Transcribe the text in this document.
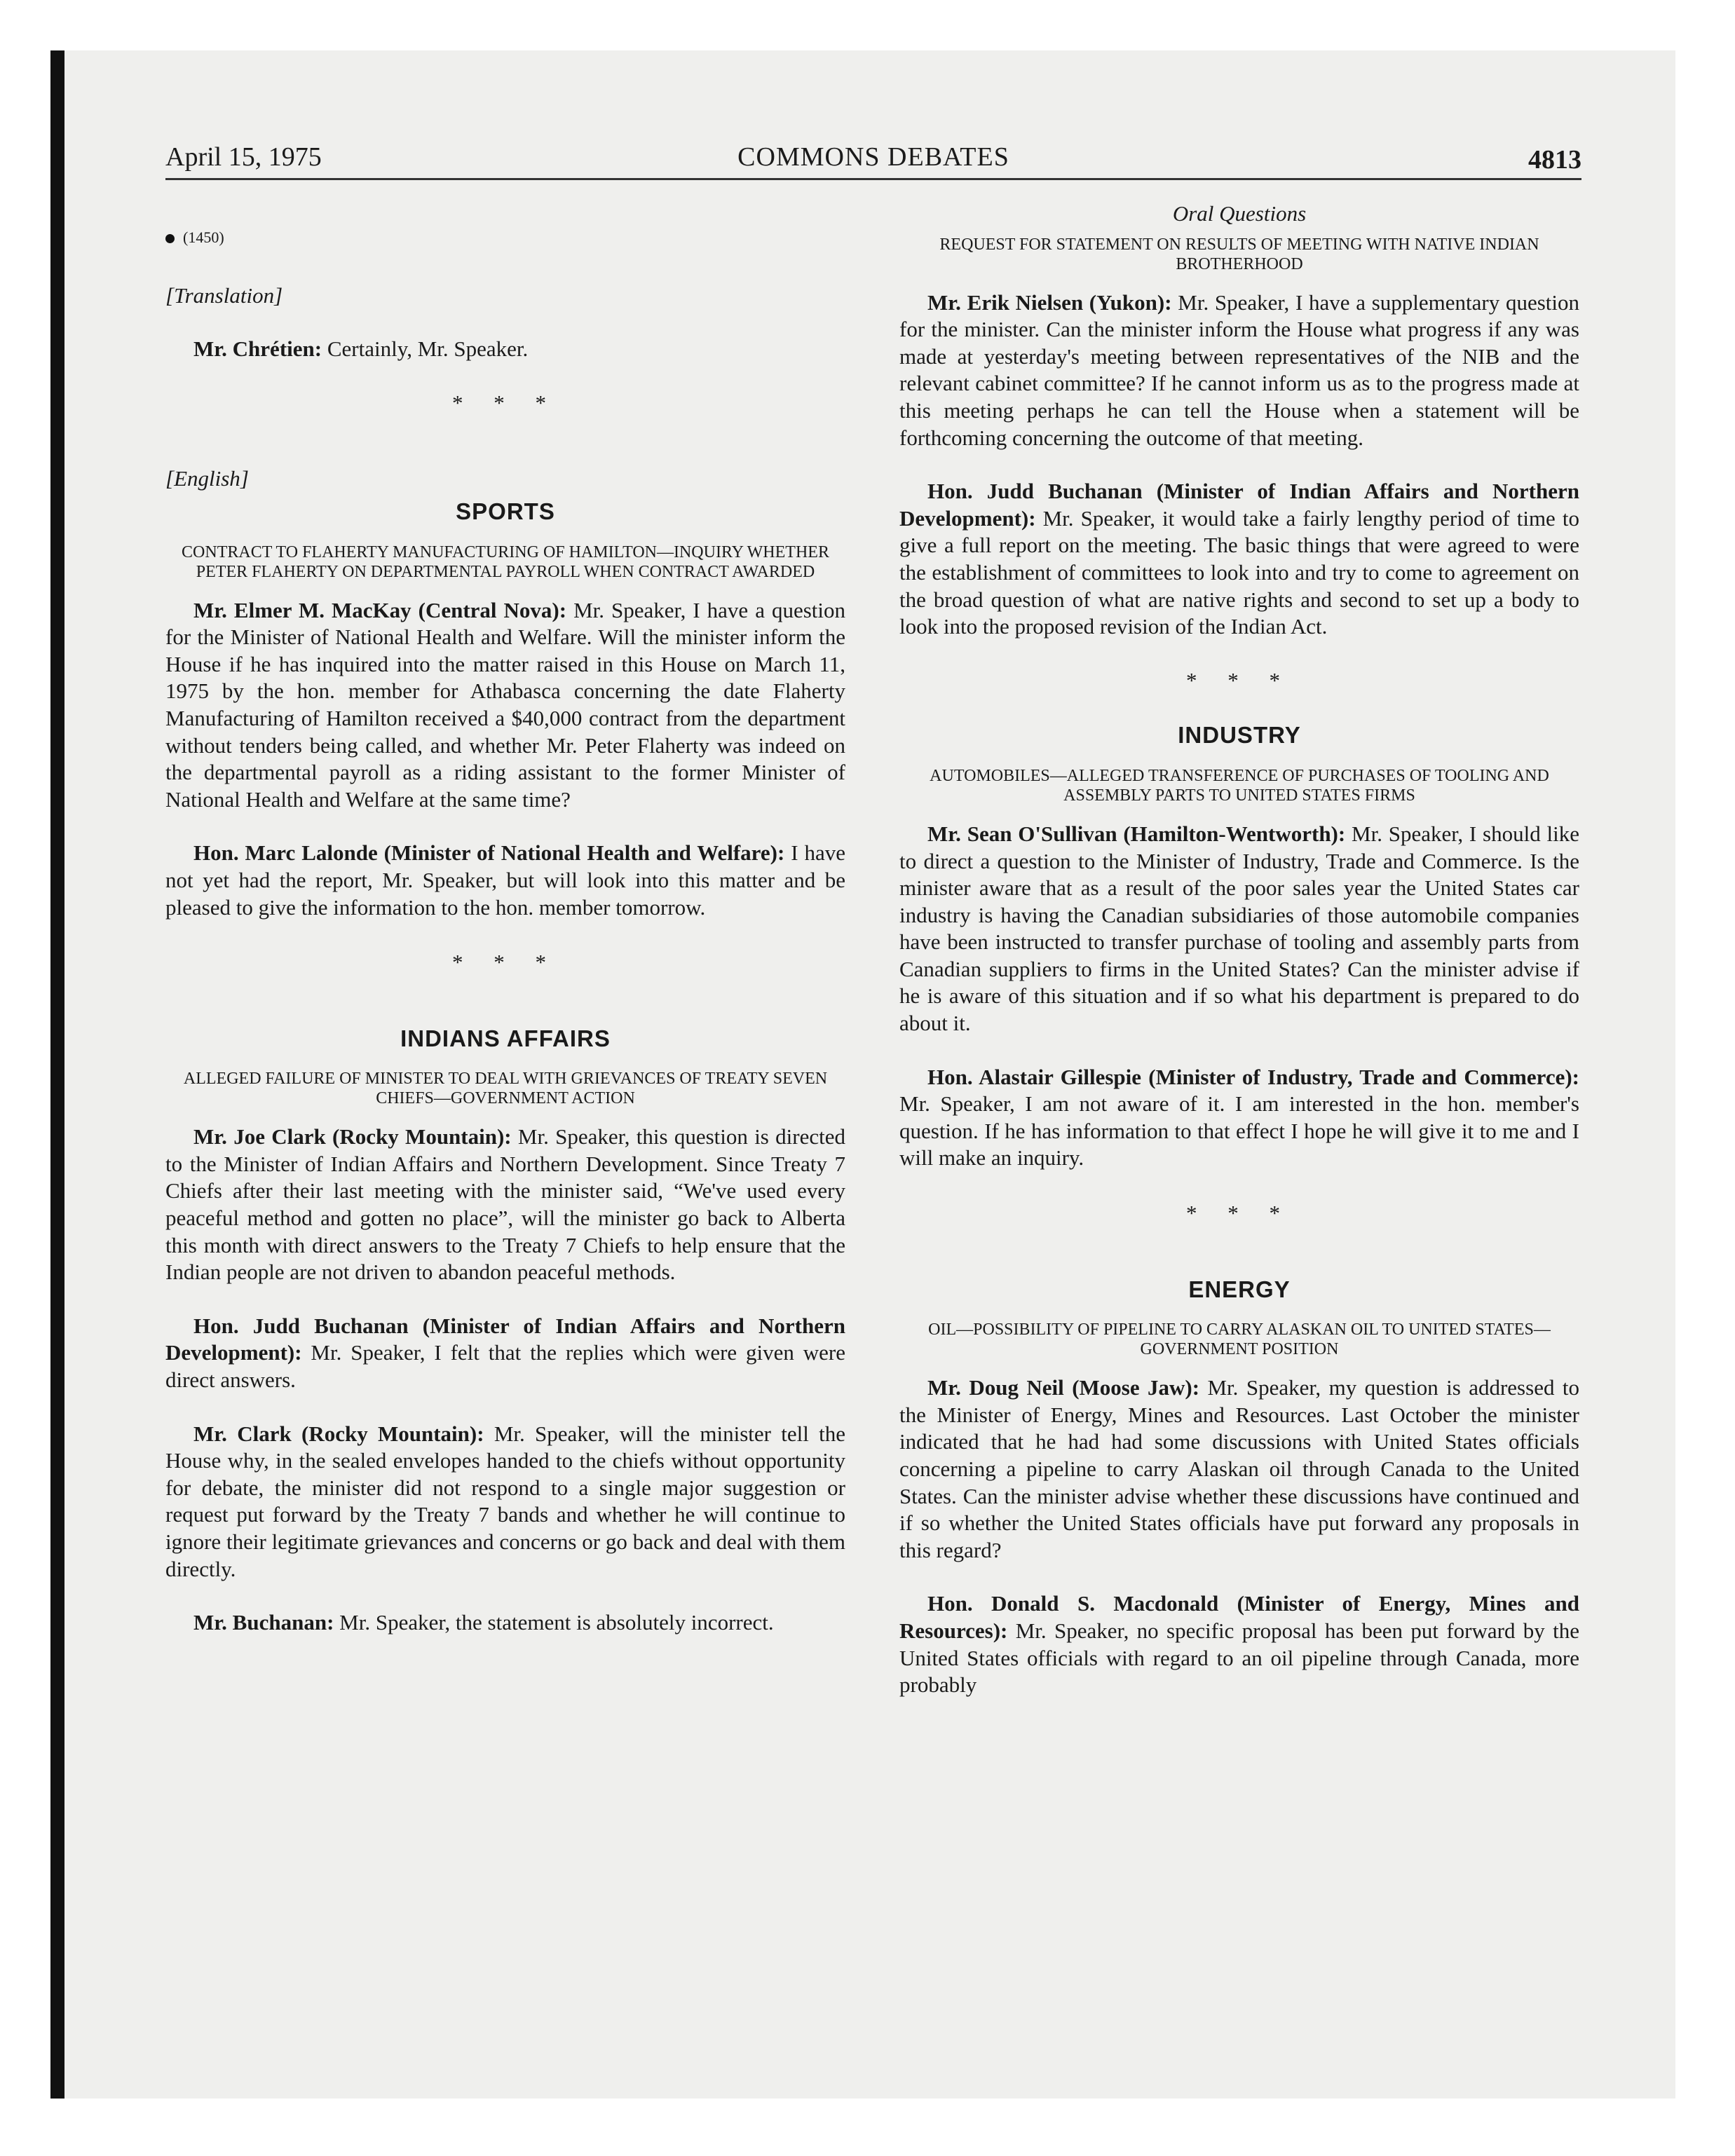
April 15, 1975	COMMONS DEBATES	4813
(1450)

[Translation]

Mr. Chrétien: Certainly, Mr. Speaker.

* * *

[English]

SPORTS
CONTRACT TO FLAHERTY MANUFACTURING OF HAMILTON—INQUIRY WHETHER PETER FLAHERTY ON DEPARTMENTAL PAYROLL WHEN CONTRACT AWARDED

Mr. Elmer M. MacKay (Central Nova): Mr. Speaker, I have a question for the Minister of National Health and Welfare. Will the minister inform the House if he has inquired into the matter raised in this House on March 11, 1975 by the hon. member for Athabasca concerning the date Flaherty Manufacturing of Hamilton received a $40,000 contract from the department without tenders being called, and whether Mr. Peter Flaherty was indeed on the departmental payroll as a riding assistant to the former Minister of National Health and Welfare at the same time?

Hon. Marc Lalonde (Minister of National Health and Welfare): I have not yet had the report, Mr. Speaker, but will look into this matter and be pleased to give the information to the hon. member tomorrow.

* * *
INDIANS AFFAIRS
ALLEGED FAILURE OF MINISTER TO DEAL WITH GRIEVANCES OF TREATY SEVEN CHIEFS—GOVERNMENT ACTION

Mr. Joe Clark (Rocky Mountain): Mr. Speaker, this question is directed to the Minister of Indian Affairs and Northern Development. Since Treaty 7 Chiefs after their last meeting with the minister said, “We've used every peaceful method and gotten no place”, will the minister go back to Alberta this month with direct answers to the Treaty 7 Chiefs to help ensure that the Indian people are not driven to abandon peaceful methods.

Hon. Judd Buchanan (Minister of Indian Affairs and Northern Development): Mr. Speaker, I felt that the replies which were given were direct answers.

Mr. Clark (Rocky Mountain): Mr. Speaker, will the minister tell the House why, in the sealed envelopes handed to the chiefs without opportunity for debate, the minister did not respond to a single major suggestion or request put forward by the Treaty 7 bands and whether he will continue to ignore their legitimate grievances and concerns or go back and deal with them directly.

Mr. Buchanan: Mr. Speaker, the statement is absolutely incorrect.

Oral Questions
REQUEST FOR STATEMENT ON RESULTS OF MEETING WITH NATIVE INDIAN BROTHERHOOD

Mr. Erik Nielsen (Yukon): Mr. Speaker, I have a supplementary question for the minister. Can the minister inform the House what progress if any was made at yesterday's meeting between representatives of the NIB and the relevant cabinet committee? If he cannot inform us as to the progress made at this meeting perhaps he can tell the House when a statement will be forthcoming concerning the outcome of that meeting.

Hon. Judd Buchanan (Minister of Indian Affairs and Northern Development): Mr. Speaker, it would take a fairly lengthy period of time to give a full report on the meeting. The basic things that were agreed to were the establishment of committees to look into and try to come to agreement on the broad question of what are native rights and second to set up a body to look into the proposed revision of the Indian Act.

* * *
INDUSTRY
AUTOMOBILES—ALLEGED TRANSFERENCE OF PURCHASES OF TOOLING AND ASSEMBLY PARTS TO UNITED STATES FIRMS

Mr. Sean O'Sullivan (Hamilton-Wentworth): Mr. Speaker, I should like to direct a question to the Minister of Industry, Trade and Commerce. Is the minister aware that as a result of the poor sales year the United States car industry is having the Canadian subsidiaries of those automobile companies have been instructed to transfer purchase of tooling and assembly parts from Canadian suppliers to firms in the United States? Can the minister advise if he is aware of this situation and if so what his department is prepared to do about it.

Hon. Alastair Gillespie (Minister of Industry, Trade and Commerce): Mr. Speaker, I am not aware of it. I am interested in the hon. member's question. If he has information to that effect I hope he will give it to me and I will make an inquiry.

* * *
ENERGY
OIL—POSSIBILITY OF PIPELINE TO CARRY ALASKAN OIL TO UNITED STATES—GOVERNMENT POSITION

Mr. Doug Neil (Moose Jaw): Mr. Speaker, my question is addressed to the Minister of Energy, Mines and Resources. Last October the minister indicated that he had had some discussions with United States officials concerning a pipeline to carry Alaskan oil through Canada to the United States. Can the minister advise whether these discussions have continued and if so whether the United States officials have put forward any proposals in this regard?

Hon. Donald S. Macdonald (Minister of Energy, Mines and Resources): Mr. Speaker, no specific proposal has been put forward by the United States officials with regard to an oil pipeline through Canada, more probably
